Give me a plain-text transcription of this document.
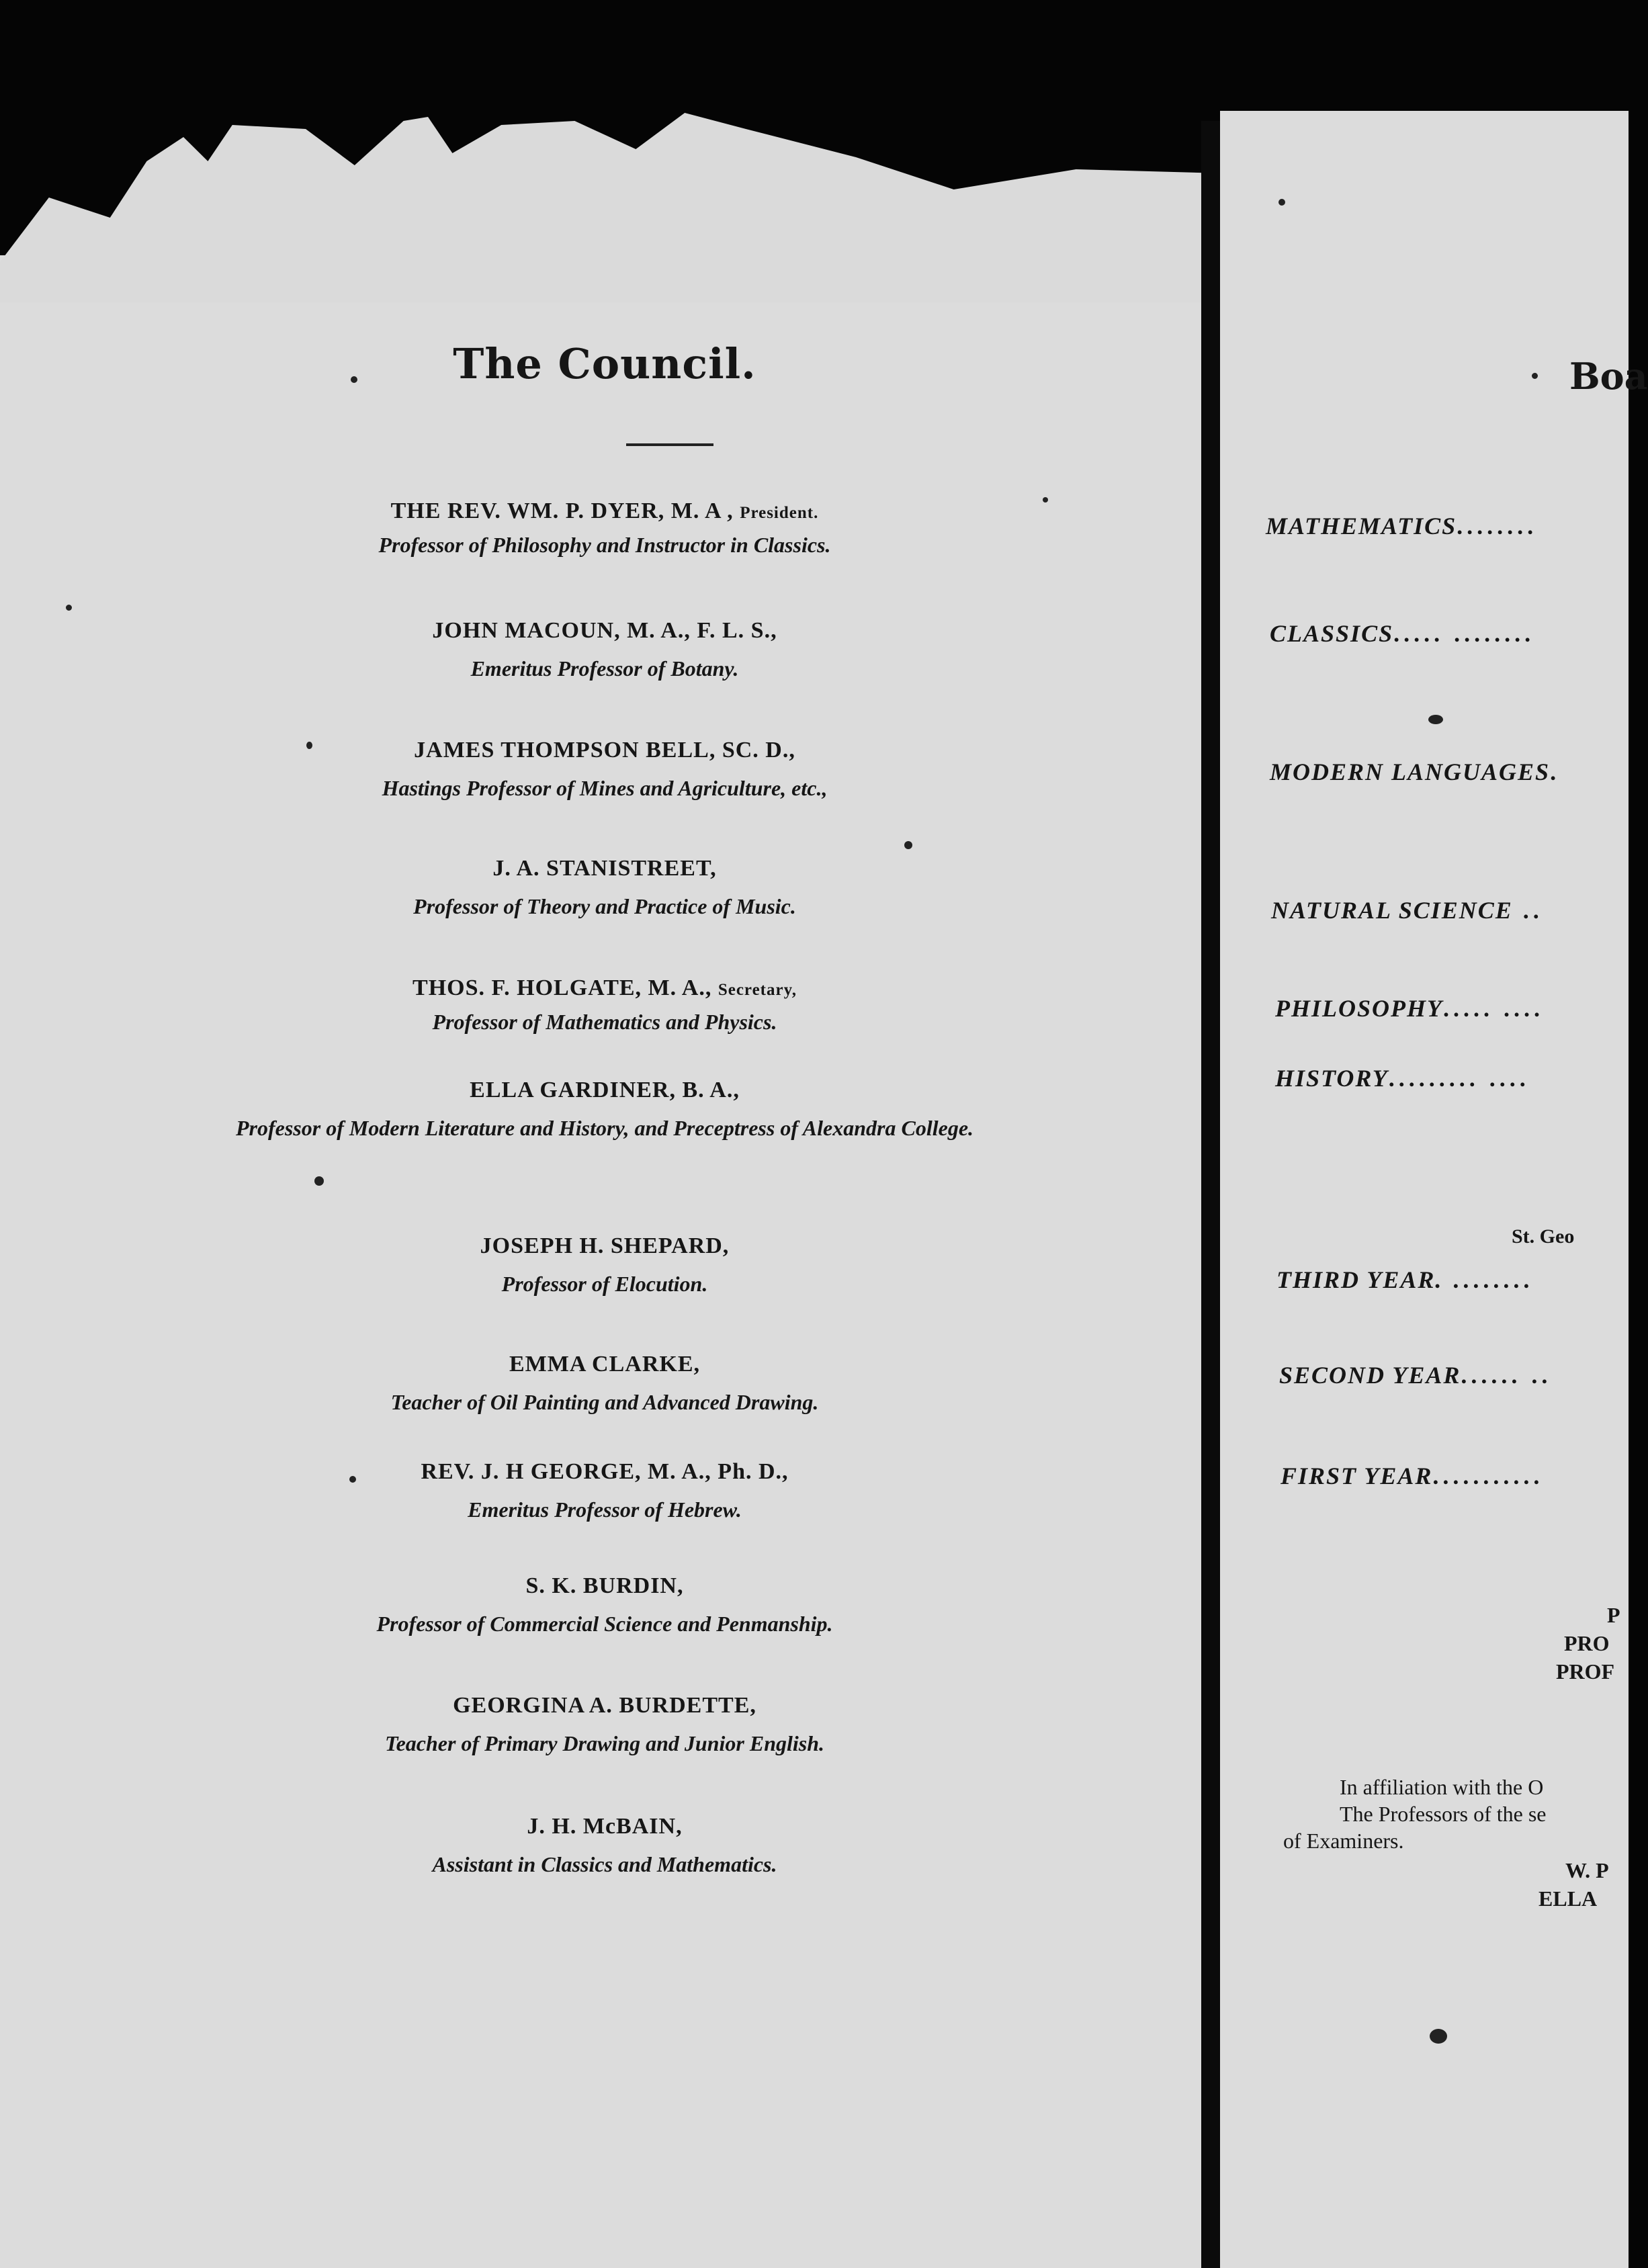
The Council.
THE REV. WM. P. DYER, M. A , President.
Professor of Philosophy and Instructor in Classics.
JOHN MACOUN, M. A., F. L. S.,
Emeritus Professor of Botany.
JAMES THOMPSON BELL, SC. D.,
Hastings Professor of Mines and Agriculture, etc.,
J. A. STANISTREET,
Professor of Theory and Practice of Music.
THOS. F. HOLGATE, M. A., Secretary,
Professor of Mathematics and Physics.
ELLA GARDINER, B. A.,
Professor of Modern Literature and History, and Preceptress of Alexandra College.
JOSEPH H. SHEPARD,
Professor of Elocution.
EMMA CLARKE,
Teacher of Oil Painting and Advanced Drawing.
REV. J. H GEORGE, M. A., Ph. D.,
Emeritus Professor of Hebrew.
S. K. BURDIN,
Professor of Commercial Science and Penmanship.
GEORGINA A. BURDETTE,
Teacher of Primary Drawing and Junior English.
J. H. McBAIN,
Assistant in Classics and Mathematics.
Boa
MATHEMATICS........
CLASSICS..... ........
MODERN LANGUAGES.
NATURAL SCIENCE ..
PHILOSOPHY..... ....
HISTORY......... ....
St. Geo
THIRD YEAR. ........
SECOND YEAR...... ..
FIRST YEAR...........
P
PRO
PROF
In affiliation with the O
The Professors of the se
of Examiners.
W. P
ELLA
